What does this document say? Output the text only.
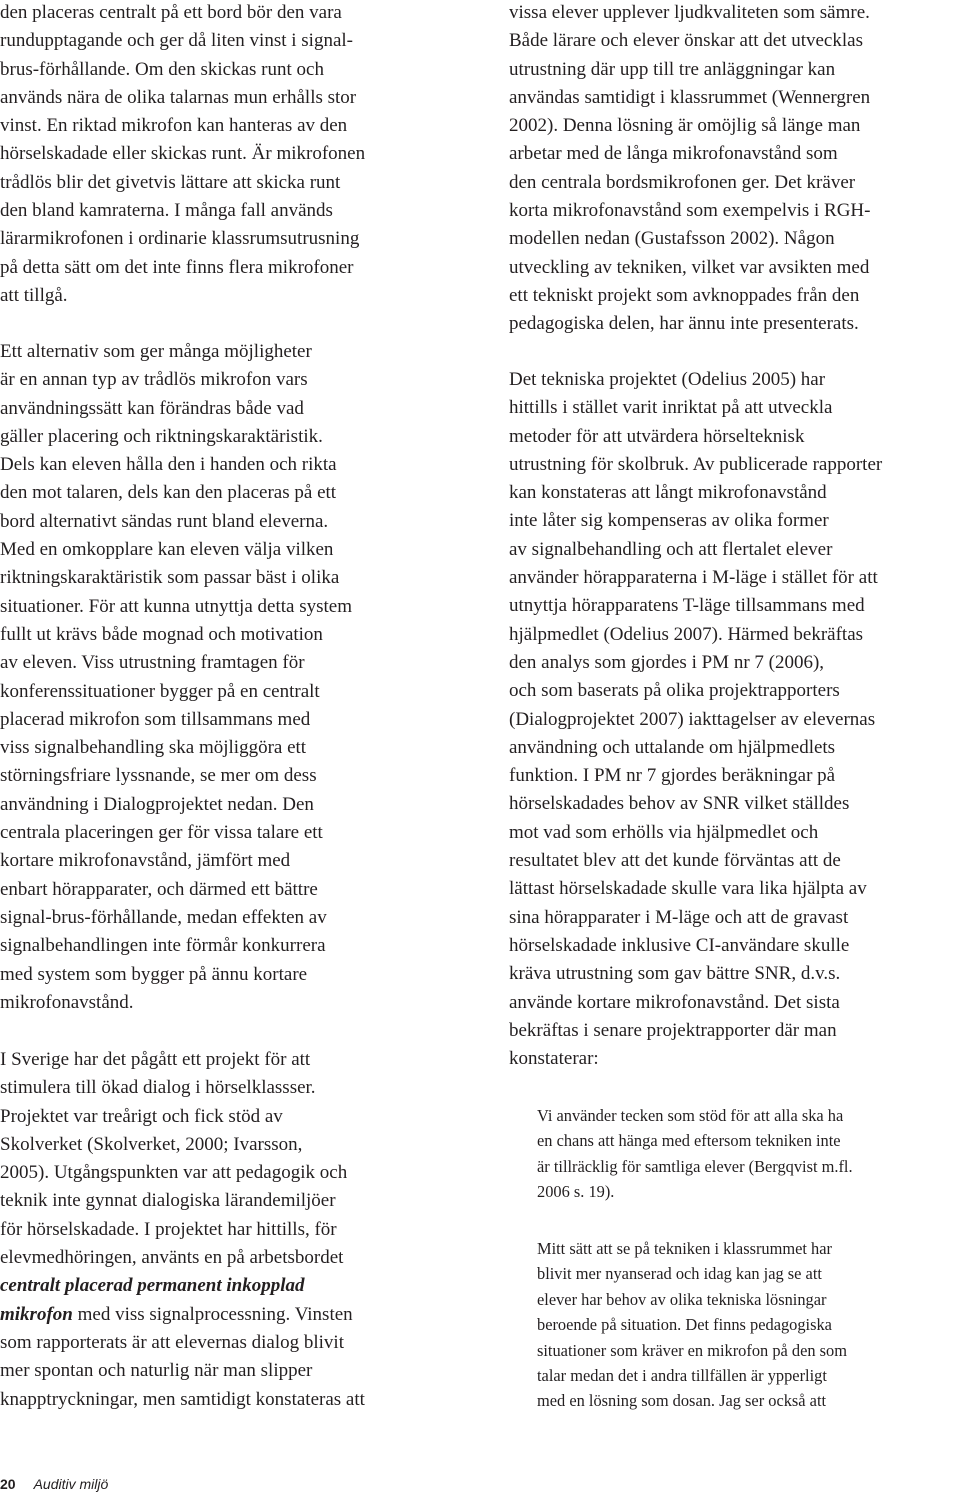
den placeras centralt på ett bord bör den vara
rundupptagande och ger då liten vinst i signal-
brus-förhållande. Om den skickas runt och
används nära de olika talarnas mun erhålls stor
vinst. En riktad mikrofon kan hanteras av den
hörselskadade eller skickas runt. Är mikrofonen
trådlös blir det givetvis lättare att skicka runt
den bland kamraterna. I många fall används
lärarmikrofonen i ordinarie klassrumsutrusning
på detta sätt om det inte finns flera mikrofoner
att tillgå.

Ett alternativ som ger många möjligheter
är en annan typ av trådlös mikrofon vars
användningssätt kan förändras både vad
gäller placering och riktningskaraktäristik.
Dels kan eleven hålla den i handen och rikta
den mot talaren, dels kan den placeras på ett
bord alternativt sändas runt bland eleverna.
Med en omkopplare kan eleven välja vilken
riktningskaraktäristik som passar bäst i olika
situationer. För att kunna utnyttja detta system
fullt ut krävs både mognad och motivation
av eleven. Viss utrustning framtagen för
konferenssituationer bygger på en centralt
placerad mikrofon som tillsammans med
viss signalbehandling ska möjliggöra ett
störningsfriare lyssnande, se mer om dess
användning i Dialogprojektet nedan. Den
centrala placeringen ger för vissa talare ett
kortare mikrofonavstånd, jämfört med
enbart hörapparater, och därmed ett bättre
signal-brus-förhållande, medan effekten av
signalbehandlingen inte förmår konkurrera
med system som bygger på ännu kortare
mikrofonavstånd.

I Sverige har det pågått ett projekt för att
stimulera till ökad dialog i hörselklassser.
Projektet var treårigt och fick stöd av
Skolverket (Skolverket, 2000; Ivarsson,
2005). Utgångspunkten var att pedagogik och
teknik inte gynnat dialogiska lärandemiljöer
för hörselskadade. I projektet har hittills, för
elevmedhöringen, använts en på arbetsbordet

centralt placerad permanent inkopplad
mikrofon med viss signalprocessning. Vinsten

som rapporterats är att elevernas dialog blivit
mer spontan och naturlig när man slipper
knapptryckningar, men samtidigt konstateras att

vissa elever upplever ljudkvaliteten som sämre.
Både lärare och elever önskar att det utvecklas
utrustning där upp till tre anläggningar kan
användas samtidigt i klassrummet (Wennergren
2002). Denna lösning är omöjlig så länge man
arbetar med de långa mikrofonavstånd som
den centrala bordsmikrofonen ger. Det kräver
korta mikrofonavstånd som exempelvis i RGH-
modellen nedan (Gustafsson 2002). Någon
utveckling av tekniken, vilket var avsikten med
ett tekniskt projekt som avknoppades från den
pedagogiska delen, har ännu inte presenterats.

Det tekniska projektet (Odelius 2005) har
hittills i stället varit inriktat på att utveckla
metoder för att utvärdera hörselteknisk
utrustning för skolbruk. Av publicerade rapporter
kan konstateras att långt mikrofonavstånd
inte låter sig kompenseras av olika former
av signalbehandling och att flertalet elever
använder hörapparaterna i M-läge i stället för att
utnyttja hörapparatens T-läge tillsammans med
hjälpmedlet (Odelius 2007). Härmed bekräftas
den analys som gjordes i PM nr 7 (2006),
och som baserats på olika projektrapporters
(Dialogprojektet 2007) iakttagelser av elevernas
användning och uttalande om hjälpmedlets
funktion. I PM nr 7 gjordes beräkningar på
hörselskadades behov av SNR vilket ställdes
mot vad som erhölls via hjälpmedlet och
resultatet blev att det kunde förväntas att de
lättast hörselskadade skulle vara lika hjälpta av
sina hörapparater i M-läge och att de gravast
hörselskadade inklusive CI-användare skulle
kräva utrustning som gav bättre SNR, d.v.s.
använde kortare mikrofonavstånd. Det sista
bekräftas i senare projektrapporter där man
konstaterar:

Vi använder tecken som stöd för att alla ska ha
en chans att hänga med eftersom tekniken inte
är tillräcklig för samtliga elever (Bergqvist m.fl.
2006 s. 19).
Mitt sätt att se på tekniken i klassrummet har
blivit mer nyanserad och idag kan jag se att
elever har behov av olika tekniska lösningar
beroende på situation. Det finns pedagogiska
situationer som kräver en mikrofon på den som
talar medan det i andra tillfällen är ypperligt
med en lösning som dosan. Jag ser också att
20 Auditiv miljö
